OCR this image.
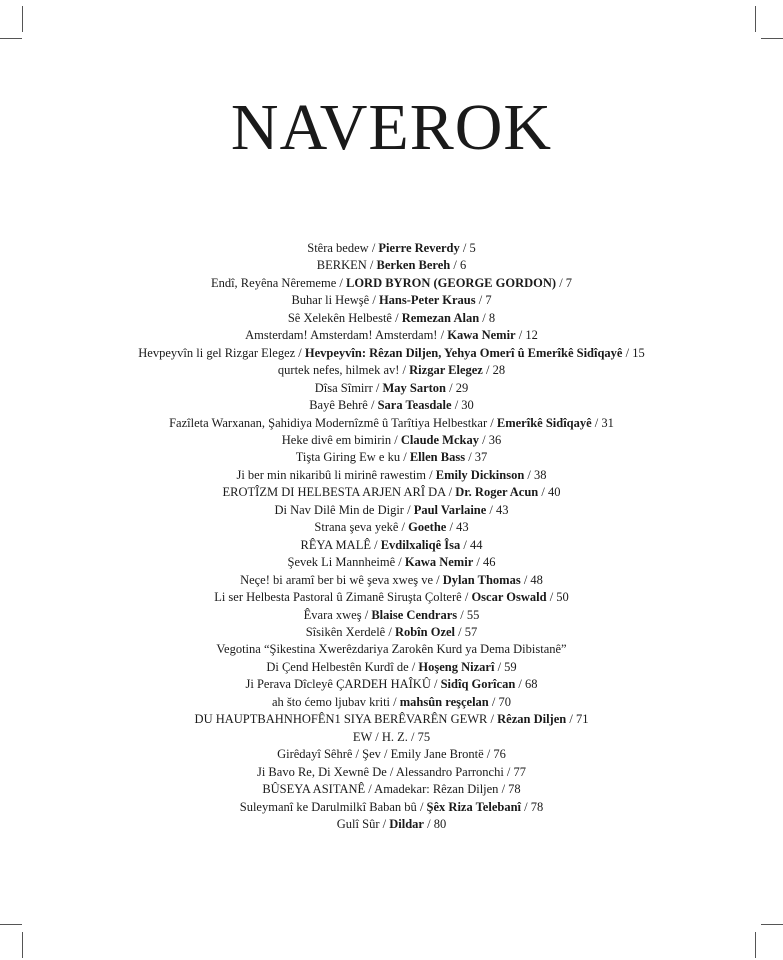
NAVEROK
Stêra bedew / Pierre Reverdy / 5
BERKEN / Berken Bereh / 6
Endî, Reyêna Nêrememe / LORD BYRON (GEORGE GORDON) / 7
Buhar li Hewşê / Hans-Peter Kraus / 7
Sê Xelekên Helbestê / Remezan Alan / 8
Amsterdam! Amsterdam! Amsterdam! / Kawa Nemir / 12
Hevpeyvîn li gel Rizgar Elegez / Hevpeyvîn: Rêzan Diljen, Yehya Omerî û Emerîkê Sidîqayê / 15
qurtek nefes, hilmek av! / Rizgar Elegez / 28
Dîsa Sîmirr / May Sarton / 29
Bayê Behrê / Sara Teasdale / 30
Fazîleta Warxanan, Şahidiya Modernîzmê û Tarîtiya Helbestkar / Emerîkê Sidîqayê / 31
Heke divê em bimirin / Claude Mckay / 36
Tişta Giring Ew e ku / Ellen Bass / 37
Ji ber min nikaribû li mirinê rawestim / Emily Dickinson / 38
EROTÎZM DI HELBESTA ARJEN ARÎ DA / Dr. Roger Acun / 40
Di Nav Dilê Min de Digir / Paul Varlaine / 43
Strana şeva yekê / Goethe / 43
RÊYA MALÊ / Evdilxaliqê Îsa / 44
Şevek Li Mannheimê / Kawa Nemir / 46
Neçe! bi aramî ber bi wê şeva xweş ve / Dylan Thomas / 48
Li ser Helbesta Pastoral û Zimanê Siruşta Çolterê / Oscar Oswald / 50
Êvara xweş / Blaise Cendrars / 55
Sîsikên Xerdelê / Robîn Ozel / 57
Vegotina “Şikestina Xwerêzdariya Zarokên Kurd ya Dema Dibistanê”
Di Çend Helbestên Kurdî de / Hoşeng Nizarî / 59
Ji Perava Dîcleyê ÇARDEH HAÎKÛ / Sidîq Gorîcan / 68
ah što ćemo ljubav kriti / mahsûn reşçelan / 70
DU HAUPTBAHNHOFÊN1 SIYA BERÊVARÊN GEWR / Rêzan Diljen / 71
EW / H. Z. / 75
Girêdayî Sêhrê / Şev / Emily Jane Brontë / 76
Ji Bavo Re, Di Xewnê De / Alessandro Parronchi / 77
BÛSEYA ASITANÊ / Amadekar: Rêzan Diljen / 78
Suleymanî ke Darulmilkî Baban bû / Şêx Riza Telebanî / 78
Gulî Sûr / Dildar / 80
